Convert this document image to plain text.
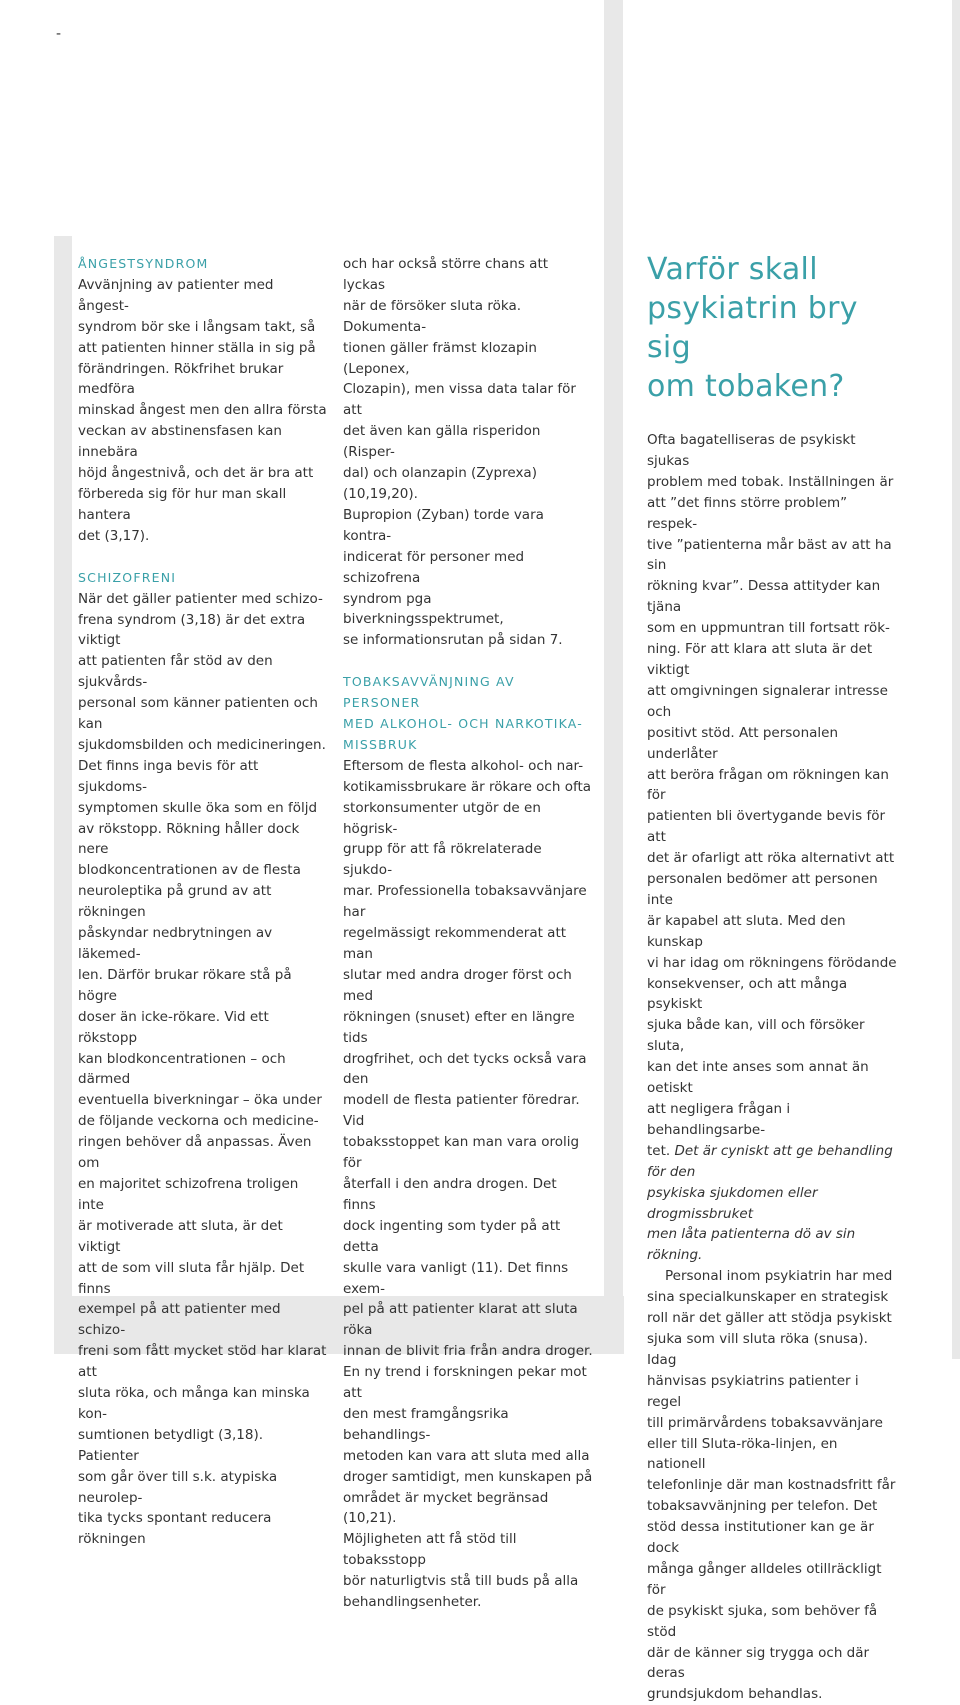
-
ÅNGESTSYNDROM

Avvänjning av patienter med ångest-

syndrom bör ske i långsam takt, så

att patienten hinner ställa in sig på

förändringen. Rökfrihet brukar medföra

minskad ångest men den allra första

veckan av abstinensfasen kan innebära

höjd ångestnivå, och det är bra att

förbereda sig för hur man skall hantera

det (3,17).

SCHIZOFRENI

När det gäller patienter med schizo-

frena syndrom (3,18) är det extra viktigt

att patienten får stöd av den sjukvårds-

personal som känner patienten och kan

sjukdomsbilden och medicineringen.

Det finns inga bevis för att sjukdoms-

symptomen skulle öka som en följd

av rökstopp. Rökning håller dock nere

blodkoncentrationen av de flesta

neuroleptika på grund av att rökningen

påskyndar nedbrytningen av läkemed-

len. Därför brukar rökare stå på högre

doser än icke-rökare. Vid ett rökstopp

kan blodkoncentrationen – och därmed

eventuella biverkningar – öka under

de följande veckorna och medicine-

ringen behöver då anpassas. Även om

en majoritet schizofrena troligen inte

är motiverade att sluta, är det viktigt

att de som vill sluta får hjälp. Det finns

exempel på att patienter med schizo-

freni som fått mycket stöd har klarat att

sluta röka, och många kan minska kon-

sumtionen betydligt (3,18). Patienter

som går över till s.k. atypiska neurolep-

tika tycks spontant reducera rökningen

och har också större chans att lyckas

när de försöker sluta röka. Dokumenta-

tionen gäller främst klozapin (Leponex,

Clozapin), men vissa data talar för att

det även kan gälla risperidon (Risper-

dal) och olanzapin (Zyprexa) (10,19,20).

Bupropion (Zyban) torde vara kontra-

indicerat för personer med schizofrena

syndrom pga biverkningsspektrumet,

se informationsrutan på sidan 7.

TOBAKSAVVÄNJNING AV PERSONER
MED ALKOHOL- OCH NARKOTIKA-
MISSBRUK

Eftersom de flesta alkohol- och nar-

kotikamissbrukare är rökare och ofta

storkonsumenter utgör de en högrisk-

grupp för att få rökrelaterade sjukdo-

mar. Professionella tobaksavvänjare har

regelmässigt rekommenderat att man

slutar med andra droger först och med

rökningen (snuset) efter en längre tids

drogfrihet, och det tycks också vara den

modell de flesta patienter föredrar. Vid

tobaksstoppet kan man vara orolig för

återfall i den andra drogen. Det finns

dock ingenting som tyder på att detta

skulle vara vanligt (11). Det finns exem-

pel på att patienter klarat att sluta röka

innan de blivit fria från andra droger.

En ny trend i forskningen pekar mot att

den mest framgångsrika behandlings-

metoden kan vara att sluta med alla

droger samtidigt, men kunskapen på

området är mycket begränsad (10,21).

Möjligheten att få stöd till tobaksstopp

bör naturligtvis stå till buds på alla

behandlingsenheter.

Varför skall
psykiatrin bry sig
om tobaken?

Ofta bagatelliseras de psykiskt sjukas

problem med tobak. Inställningen är

att ”det finns större problem” respek-

tive ”patienterna mår bäst av att ha sin

rökning kvar”. Dessa attityder kan tjäna

som en uppmuntran till fortsatt rök-

ning. För att klara att sluta är det viktigt

att omgivningen signalerar intresse och

positivt stöd. Att personalen underlåter

att beröra frågan om rökningen kan för

patienten bli övertygande bevis för att

det är ofarligt att röka alternativt att

personalen bedömer att personen inte

är kapabel att sluta. Med den kunskap

vi har idag om rökningens förödande

konsekvenser, och att många psykiskt

sjuka både kan, vill och försöker sluta,

kan det inte anses som annat än oetiskt

att negligera frågan i behandlingsarbe-

tet. Det är cyniskt att ge behandling för den

psykiska sjukdomen eller drogmissbruket

men låta patienterna dö av sin rökning.

Personal inom psykiatrin har med

sina specialkunskaper en strategisk

roll när det gäller att stödja psykiskt

sjuka som vill sluta röka (snusa). Idag

hänvisas psykiatrins patienter i regel

till primärvårdens tobaksavvänjare

eller till Sluta-röka-linjen, en nationell

telefonlinje där man kostnadsfritt får

tobaksavvänjning per telefon. Det

stöd dessa institutioner kan ge är dock

många gånger alldeles otillräckligt för

de psykiskt sjuka, som behöver få stöd

där de känner sig trygga och där deras

grundsjukdom behandlas.
